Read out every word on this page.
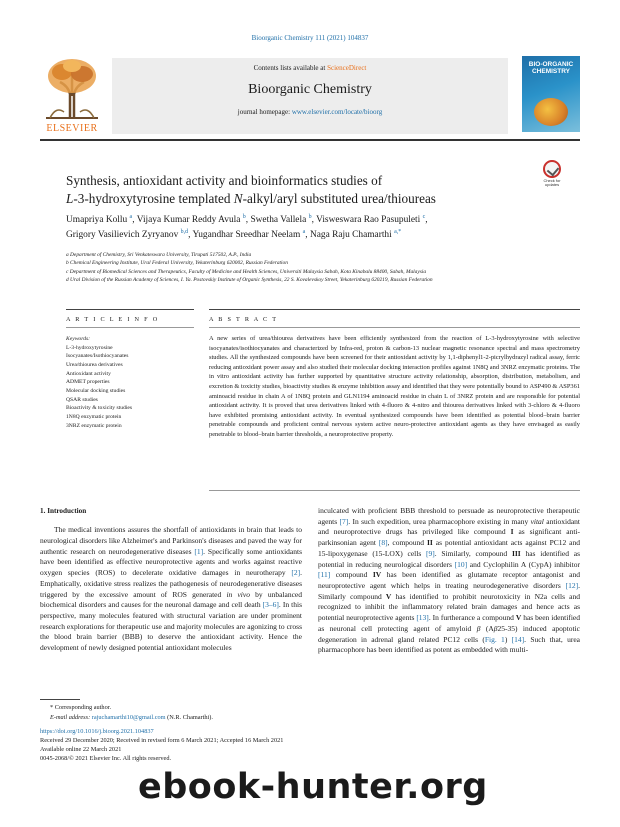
Bioorganic Chemistry 111 (2021) 104837
ELSEVIER
Contents lists available at ScienceDirect
Bioorganic Chemistry
journal homepage: www.elsevier.com/locate/bioorg
BIO-ORGANIC CHEMISTRY
Synthesis, antioxidant activity and bioinformatics studies of
L-3-hydroxytyrosine templated N-alkyl/aryl substituted urea/thioureas
Check for updates
Umapriya Kollu $^a$, Vijaya Kumar Reddy Avula $^b$, Swetha Vallela $^b$, Visweswara Rao Pasupuleti $^c$,
Grigory Vasilievich Zyryanov $^{b,d}$, Yugandhar Sreedhar Neelam $^a$, Naga Raju Chamarthi $^{a,*}$
a Department of Chemistry, Sri Venkateswara University, Tirupati 517502, A.P., India
b Chemical Engineering Institute, Ural Federal University, Yekaterinburg 620002, Russian Federation
c Department of Biomedical Sciences and Therapeutics, Faculty of Medicine and Health Sciences, Universiti Malaysia Sabah, Kota Kinabalu 88400, Sabah, Malaysia
d Ural Division of the Russian Academy of Sciences, I. Ya. Postovskiy Institute of Organic Synthesis, 22 S. Kovalevskoy Street, Yekaterinburg 620219, Russian Federation
A R T I C L E I N F O	A B S T R A C T
Keywords:
L-3-hydroxytyrosine
Isocyanates/Isothiocyanates
Urea/thiourea derivatives
Antioxidant activity
ADMET properties
Molecular docking studies
QSAR studies
Bioactivity & toxicity studies
1N8Q enzymatic protein
3NRZ enzymatic protein
A new series of urea/thiourea derivatives have been efficiently synthesized from the reaction of L-3-hydroxytyrosine with selective isocyanates/isothiocyanates and characterized by Infra-red, proton & carbon-13 nuclear magnetic resonance spectral and mass spectrometry studies. All the synthesized compounds have been screened for their antioxidant activity by 1,1-diphenyl1-2-picrylhydrazyl radical assay, ferric reducing antioxidant power assay and also studied their molecular docking interaction profiles against 1N8Q and 3NRZ enzymatic proteins. The in vitro antioxidant activity has further supported by quantitative structure activity relationship, absorption, distribution, metabolism, and excretion & toxicity studies, bioactivity studies & enzyme inhibition assay and identified that they were potentially bound to ASP490 & ASP361 aminoacid residue in chain A of 1N8Q protein and GLN1194 aminoacid residue in chain L of 3NRZ protein and are responsible for potential antioxidant activity. It is proved that urea derivatives linked with 4-fluoro & 4-nitro and thiourea derivatives linked with 3-chloro & 4-fluoro have exhibited promising antioxidant activity. In eventual synthesized compounds have been identified as potential blood–brain barrier penetrable compounds and proficient central nervous system active neuro-protective antioxidant agents as they have envisaged as easily penetrable to blood–brain barrier thresholds, a neuroprotective property.
1. Introduction

The medical inventions assures the shortfall of antioxidants in brain that leads to neurological disorders like Alzheimer's and Parkinson's diseases and paved the way for authentic research on neurodegenerative diseases [1]. Specifically some antioxidants have been identified as effective neuroprotective agents and works against reactive oxygen species (ROS) to decelerate oxidative damages in neurotherapy [2]. Emphatically, oxidative stress realizes the pathogenesis of neurodegenerative diseases triggered by the excessive amount of ROS generated in vivo by unbalanced biochemical disorders and causes for the neuronal damage and cell death [3–6]. In this perspective, many molecules featured with structural variation are under prominent research explorations for therapeutic use and majority molecules are agonizing to cross the blood brain barrier (BBB) to deserve the antioxidant activity. Hence the development of newly designed potential antioxidant molecules

inculcated with proficient BBB threshold to persuade as neuroprotective therapeutic agents [7]. In such expedition, urea pharmacophore existing in many vital antioxidant and neuroprotective drugs has privileged like compound I as significant anti-parkinsonian agent [8], compound II as potential antioxidant acts against PC12 and 15-lipoxygenase (15-LOX) cells [9]. Similarly, compound III has identified as potential in reducing neurological disorders [10] and Cyclophilin A (CypA) inhibitor [11] compound IV has been identified as glutamate receptor antagonist and neuroprotective agent which helps in treating neurodegenerative disorders [12]. Similarly compound V has identified to prohibit neurotoxicity in N2a cells and recognized to inhibit the inflammatory related brain damages and hence acts as potential neuroprotective agents [13]. In furtherance a compound V has been identified as neuronal cell protecting agent of amyloid β (Aβ25-35) induced apoptotic degeneration in adrenal gland related PC12 cells (Fig. 1) [14]. Such that, urea pharmacophore has been identified as potent as embedded with multi-

* Corresponding author.
E-mail address: rajuchamarthi10@gmail.com (N.R. Chamarthi).
https://doi.org/10.1016/j.bioorg.2021.104837
Received 29 December 2020; Received in revised form 6 March 2021; Accepted 16 March 2021
Available online 22 March 2021
0045-2068/© 2021 Elsevier Inc. All rights reserved.
ebook-hunter.org
